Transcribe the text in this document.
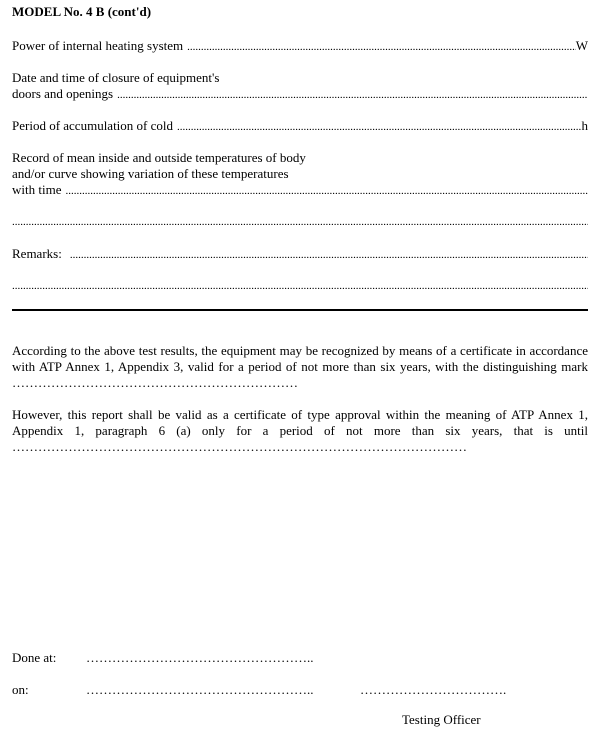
MODEL No. 4 B (cont'd)
Power of internal heating system .....	W
Date and time of closure of equipment's
doors and openings
.....
Period of accumulation of cold .....	h
Record of mean inside and outside temperatures of body
and/or curve showing variation of these temperatures
with time
.....
.....
Remarks:
.....
.....
According to the above test results, the equipment may be recognized by means of a certificate in accordance with ATP Annex 1, Appendix 3, valid for a period of not more than six years, with the distinguishing mark …………………………………………………………
However, this report shall be valid as a certificate of type approval within the meaning of ATP Annex 1, Appendix 1, paragraph 6 (a) only for a period of not more than six years, that is until ……………………………………………………………………………………………
Done at: ……………………………………………..
on:	……………………………………………..	…………………………….
Testing Officer
